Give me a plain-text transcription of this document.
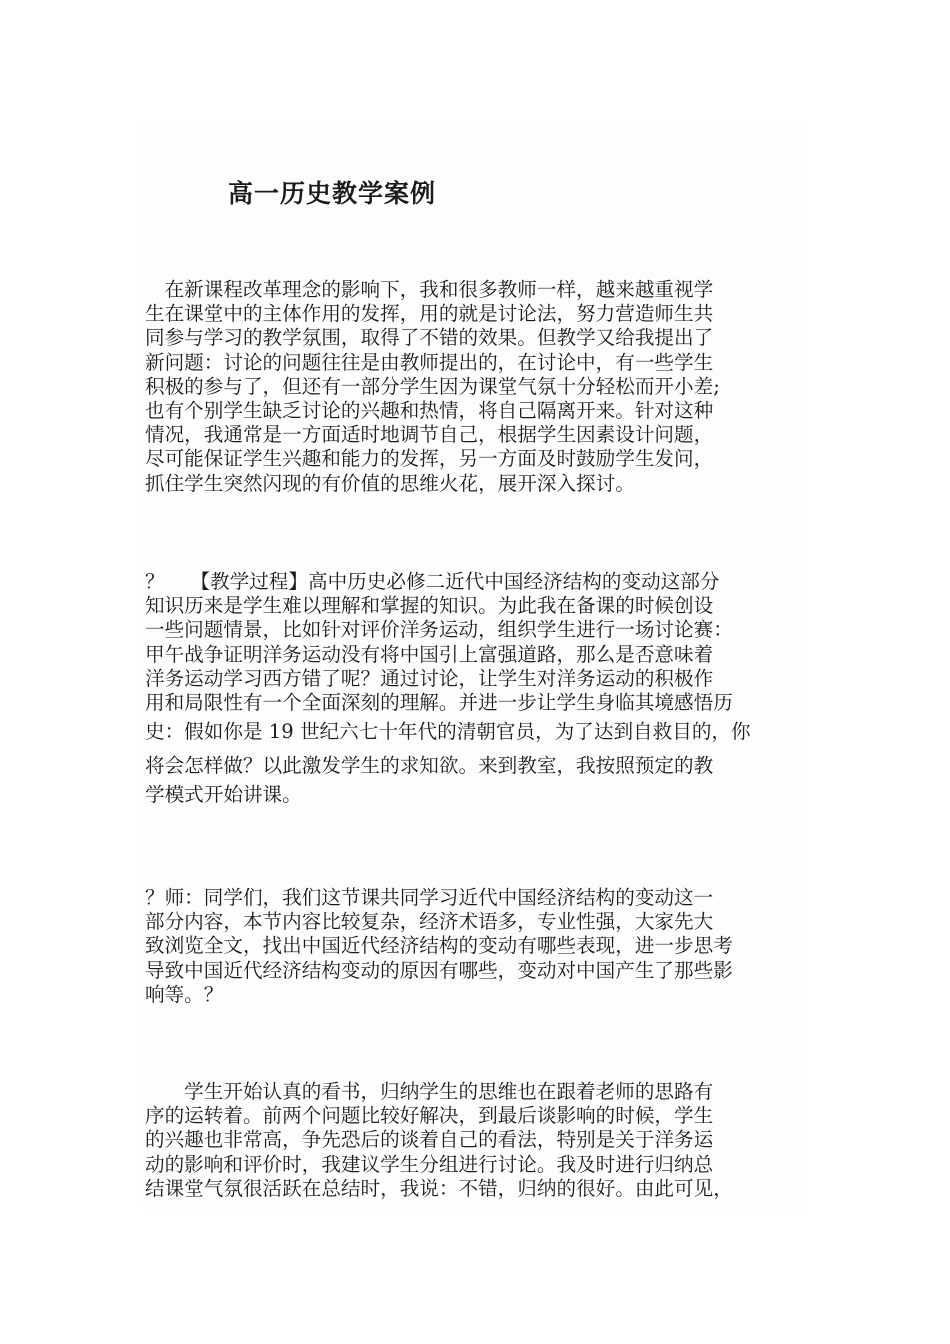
高一历史教学案例
　在新课程改革理念的影响下，我和很多教师一样，越来越重视学
生在课堂中的主体作用的发挥，用的就是讨论法，努力营造师生共
同参与学习的教学氛围，取得了不错的效果。但教学又给我提出了
新问题：讨论的问题往往是由教师提出的，在讨论中，有一些学生
积极的参与了，但还有一部分学生因为课堂气氛十分轻松而开小差;
也有个别学生缺乏讨论的兴趣和热情，将自己隔离开来。针对这种
情况，我通常是一方面适时地调节自己，根据学生因素设计问题，
尽可能保证学生兴趣和能力的发挥，另一方面及时鼓励学生发问，
抓住学生突然闪现的有价值的思维火花，展开深入探讨。
？　 【教学过程】高中历史必修二近代中国经济结构的变动这部分
知识历来是学生难以理解和掌握的知识。为此我在备课的时候创设
一些问题情景，比如针对评价洋务运动，组织学生进行一场讨论赛：
甲午战争证明洋务运动没有将中国引上富强道路，那么是否意味着
洋务运动学习西方错了呢？通过讨论，让学生对洋务运动的积极作
用和局限性有一个全面深刻的理解。并进一步让学生身临其境感悟历
史：假如你是 19 世纪六七十年代的清朝官员，为了达到自救目的，你
将会怎样做？以此激发学生的求知欲。来到教室，我按照预定的教
学模式开始讲课。
？师：同学们，我们这节课共同学习近代中国经济结构的变动这一
部分内容，本节内容比较复杂，经济术语多，专业性强，大家先大
致浏览全文，找出中国近代经济结构的变动有哪些表现，进一步思考
导致中国近代经济结构变动的原因有哪些，变动对中国产生了那些影
响等。？
　　学生开始认真的看书，归纳学生的思维也在跟着老师的思路有
序的运转着。前两个问题比较好解决，到最后谈影响的时候，学生
的兴趣也非常高，争先恐后的谈着自己的看法，特别是关于洋务运
动的影响和评价时，我建议学生分组进行讨论。我及时进行归纳总
结课堂气氛很活跃在总结时，我说：不错，归纳的很好。由此可见，
